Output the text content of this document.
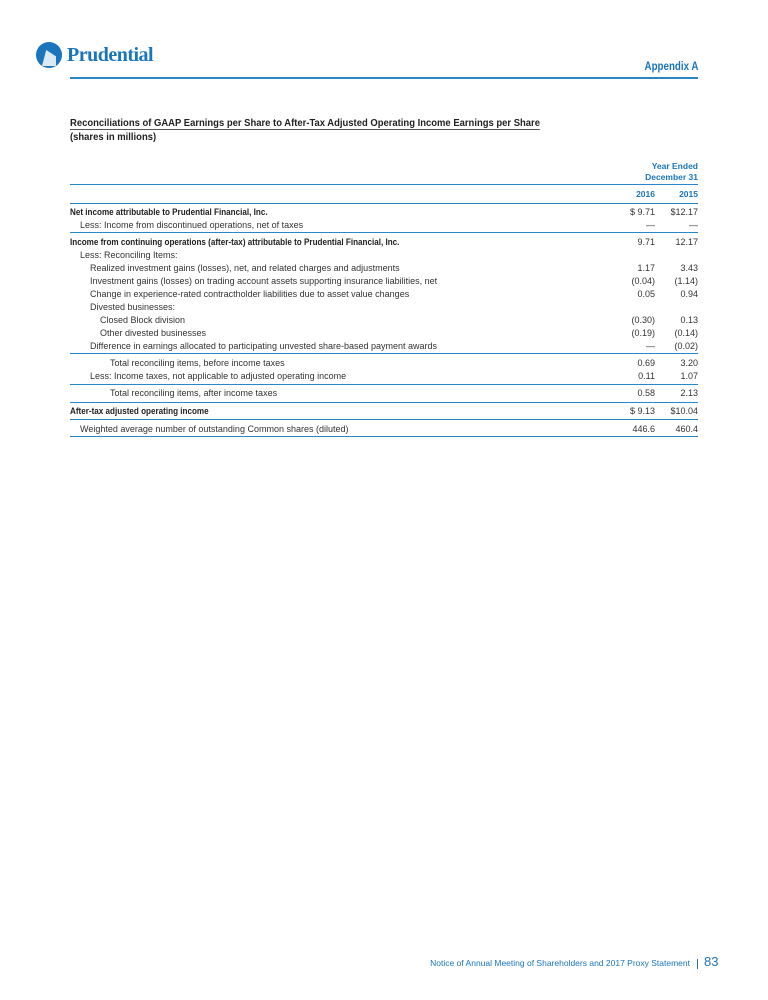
Prudential
Appendix A
Reconciliations of GAAP Earnings per Share to After-Tax Adjusted Operating Income Earnings per Share
(shares in millions)
Year Ended
December 31
2016	2015
Net income attributable to Prudential Financial, Inc.	$ 9.71 $12.17
Less: Income from discontinued operations, net of taxes	—	—
Income from continuing operations (after-tax) attributable to Prudential Financial, Inc.	9.71 12.17
Less: Reconciling Items:
Realized investment gains (losses), net, and related charges and adjustments	1.17	3.43
Investment gains (losses) on trading account assets supporting insurance liabilities, net	(0.04) (1.14)
Change in experience-rated contractholder liabilities due to asset value changes	0.05	0.94
Divested businesses:
Closed Block division	(0.30)	0.13
Other divested businesses	(0.19) (0.14)
Difference in earnings allocated to participating unvested share-based payment awards	— (0.02)
Total reconciling items, before income taxes	0.69	3.20
Less: Income taxes, not applicable to adjusted operating income	0.11	1.07
Total reconciling items, after income taxes	0.58	2.13
After-tax adjusted operating income	$ 9.13 $10.04
Weighted average number of outstanding Common shares (diluted)	446.6 460.4
Notice of Annual Meeting of Shareholders and 2017 Proxy Statement 83
